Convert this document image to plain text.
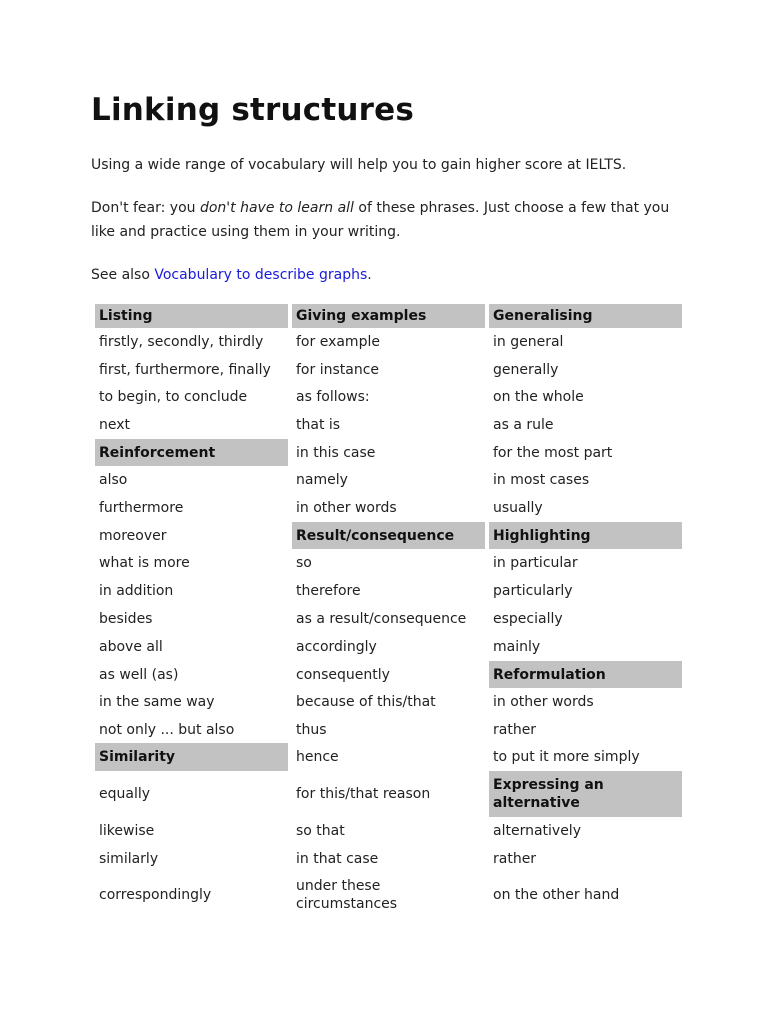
Linking structures

Using a wide range of vocabulary will help you to gain higher score at IELTS.

Don't fear: you don't have to learn all of these phrases. Just choose a few that you like and practice using them in your writing.

See also Vocabulary to describe graphs.

Listing	Giving examples	Generalising
firstly, secondly, thirdly	for example	in general
first, furthermore, finally	for instance	generally
to begin, to conclude	as follows:	on the whole
next	that is	as a rule
Reinforcement	in this case	for the most part
also	namely	in most cases
furthermore	in other words	usually
moreover	Result/consequence	Highlighting
what is more	so	in particular
in addition	therefore	particularly
besides	as a result/consequence	especially
above all	accordingly	mainly
as well (as)	consequently	Reformulation
in the same way	because of this/that	in other words
not only ... but also	thus	rather
Similarity	hence	to put it more simply
equally	for this/that reason	Expressing an alternative
likewise	so that	alternatively
similarly	in that case	rather
correspondingly	under these circumstances	on the other hand
